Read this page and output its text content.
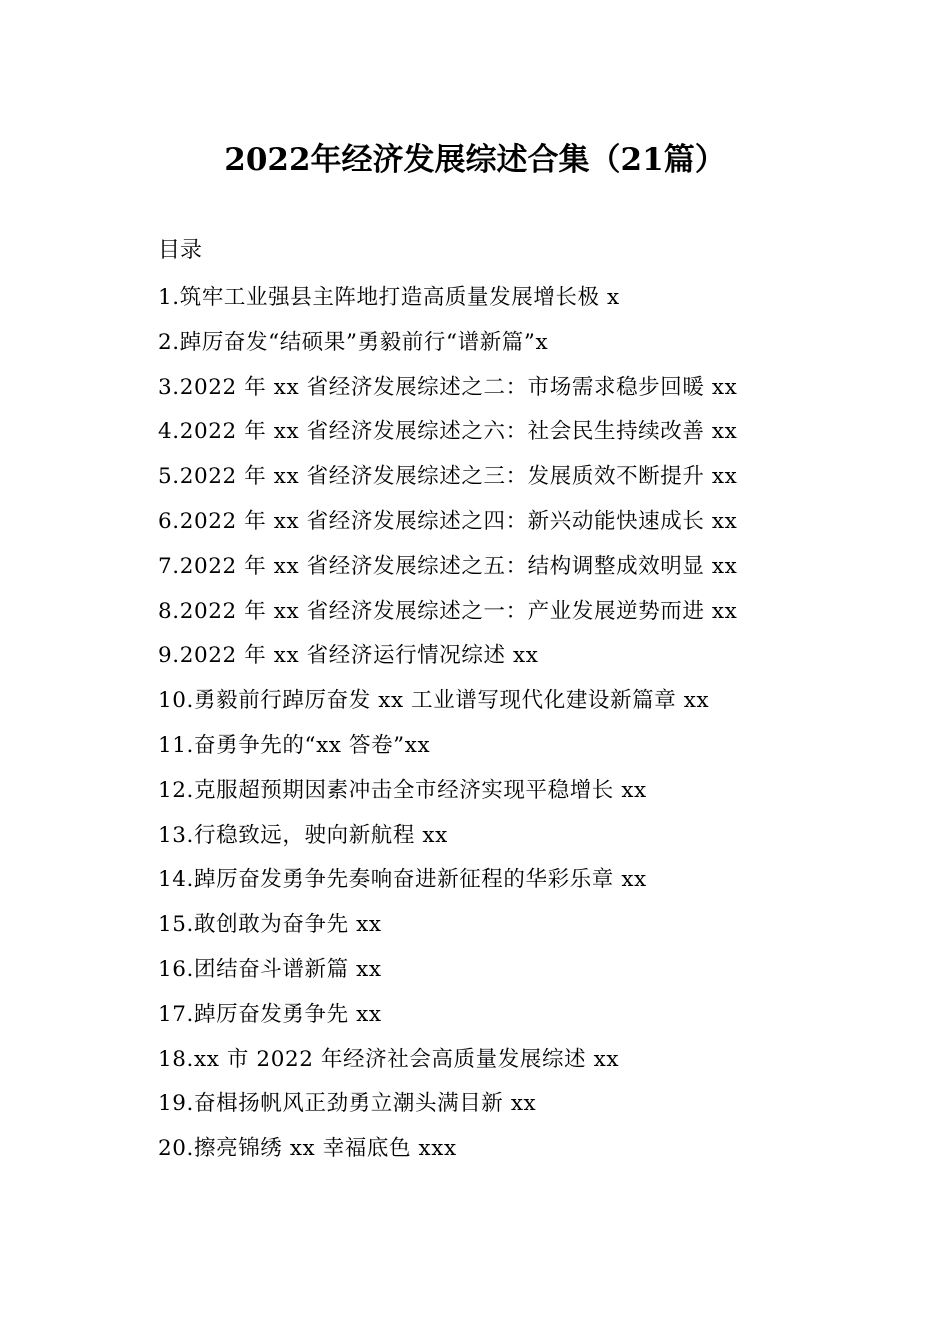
2022年经济发展综述合集（21篇）
目录
1.筑牢工业强县主阵地打造高质量发展增长极 x
2.踔厉奋发“结硕果”勇毅前行“谱新篇”x
3.2022 年 xx 省经济发展综述之二：市场需求稳步回暖 xx
4.2022 年 xx 省经济发展综述之六：社会民生持续改善 xx
5.2022 年 xx 省经济发展综述之三：发展质效不断提升 xx
6.2022 年 xx 省经济发展综述之四：新兴动能快速成长 xx
7.2022 年 xx 省经济发展综述之五：结构调整成效明显 xx
8.2022 年 xx 省经济发展综述之一：产业发展逆势而进 xx
9.2022 年 xx 省经济运行情况综述 xx
10.勇毅前行踔厉奋发 xx 工业谱写现代化建设新篇章 xx
11.奋勇争先的“xx 答卷”xx
12.克服超预期因素冲击全市经济实现平稳增长 xx
13.行稳致远，驶向新航程 xx
14.踔厉奋发勇争先奏响奋进新征程的华彩乐章 xx
15.敢创敢为奋争先 xx
16.团结奋斗谱新篇 xx
17.踔厉奋发勇争先 xx
18.xx 市 2022 年经济社会高质量发展综述 xx
19.奋楫扬帆风正劲勇立潮头满目新 xx
20.擦亮锦绣 xx 幸福底色 xxx
